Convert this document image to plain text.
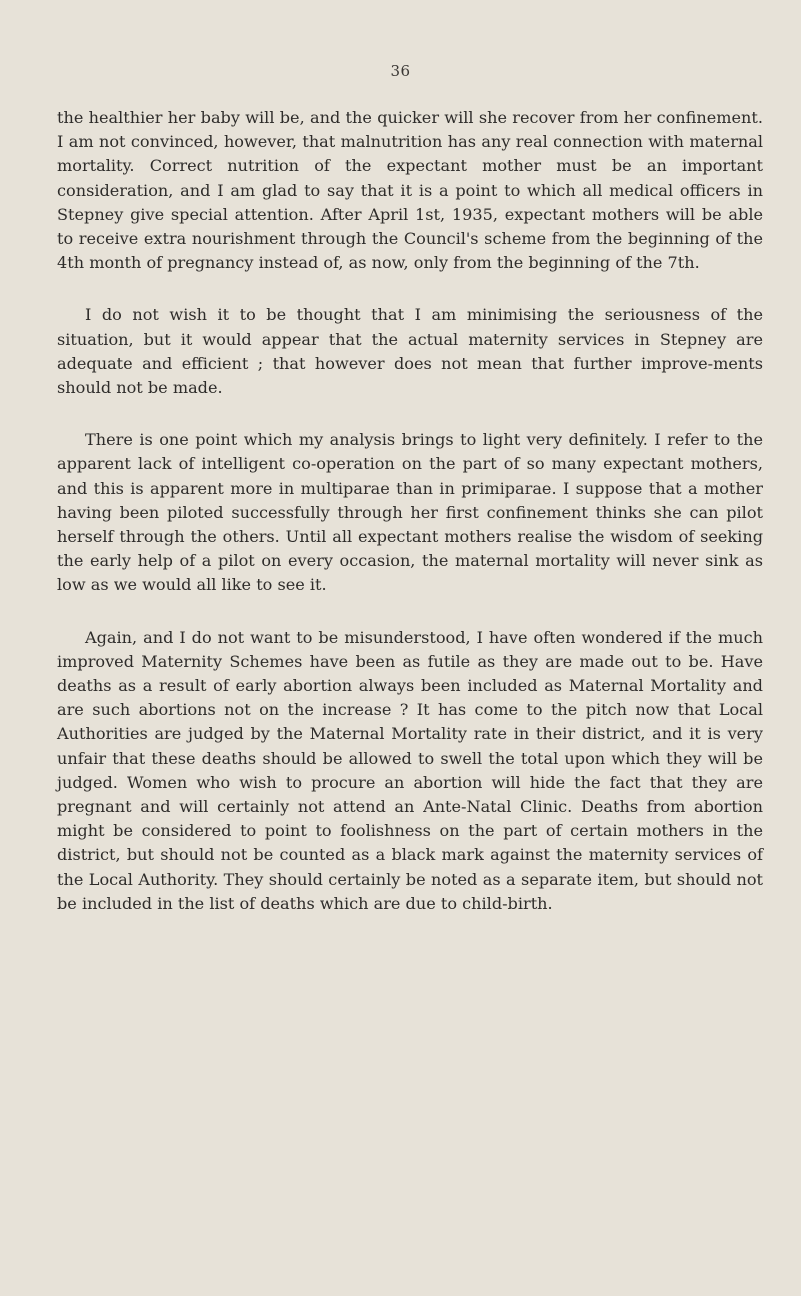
36

the healthier her baby will be, and the quicker will she recover from her confinement. I am not convinced, however, that malnutrition has any real connection with maternal mortality. Correct nutrition of the expectant mother must be an important consideration, and I am glad to say that it is a point to which all medical officers in Stepney give special attention. After April 1st, 1935, expectant mothers will be able to receive extra nourishment through the Council's scheme from the beginning of the 4th month of pregnancy instead of, as now, only from the beginning of the 7th.

I do not wish it to be thought that I am minimising the seriousness of the situation, but it would appear that the actual maternity services in Stepney are adequate and efficient ; that however does not mean that further improve-ments should not be made.

There is one point which my analysis brings to light very definitely. I refer to the apparent lack of intelligent co-operation on the part of so many expectant mothers, and this is apparent more in multiparae than in primiparae. I suppose that a mother having been piloted successfully through her first confinement thinks she can pilot herself through the others. Until all expectant mothers realise the wisdom of seeking the early help of a pilot on every occasion, the maternal mortality will never sink as low as we would all like to see it.

Again, and I do not want to be misunderstood, I have often wondered if the much improved Maternity Schemes have been as futile as they are made out to be. Have deaths as a result of early abortion always been included as Maternal Mortality and are such abortions not on the increase ? It has come to the pitch now that Local Authorities are judged by the Maternal Mortality rate in their district, and it is very unfair that these deaths should be allowed to swell the total upon which they will be judged. Women who wish to procure an abortion will hide the fact that they are pregnant and will certainly not attend an Ante-Natal Clinic. Deaths from abortion might be considered to point to foolishness on the part of certain mothers in the district, but should not be counted as a black mark against the maternity services of the Local Authority. They should certainly be noted as a separate item, but should not be included in the list of deaths which are due to child-birth.
